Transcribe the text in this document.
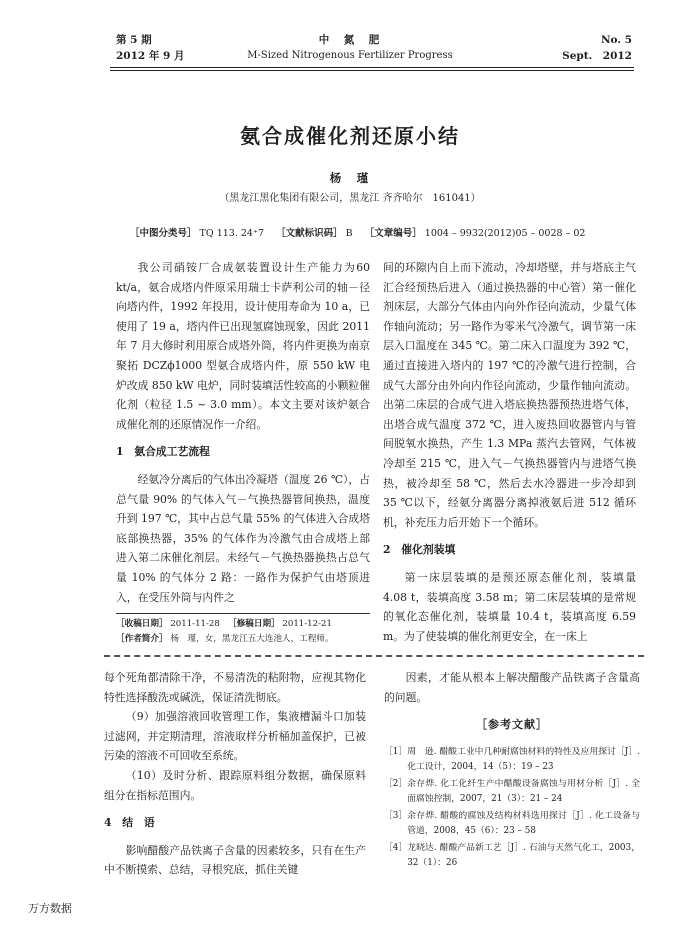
第 5 期
2012 年 9 月
中　氮　肥
M-Sized Nitrogenous Fertilizer Progress
No. 5
Sept.　2012
氨合成催化剂还原小结
杨　瑾
（黑龙江黑化集团有限公司，黑龙江 齐齐哈尔　161041）
［中图分类号］ TQ 113. 24⁺7 ［文献标识码］ B ［文章编号］ 1004 – 9932(2012)05 – 0028 – 02

我公司硝铵厂合成氨装置设计生产能力为60 kt/a，氨合成塔内件原采用瑞士卡萨利公司的轴－径向塔内件，1992 年投用，设计使用寿命为 10 a，已使用了 19 a，塔内件已出现氢腐蚀现象，因此 2011 年 7 月大修时利用原合成塔外筒，将内件更换为南京聚拓 DCZϕ1000 型氨合成塔内件，原 550 kW 电炉改成 850 kW 电炉，同时装填活性较高的小颗粒催化剂（粒径 1.5 ~ 3.0 mm）。本文主要对该炉氨合成催化剂的还原情况作一介绍。

1　氨合成工艺流程

经氨冷分离后的气体出冷凝塔（温度 26 ℃），占总气量 90% 的气体入气－气换热器管间换热，温度升到 197 ℃，其中占总气量 55% 的气体进入合成塔底部换热器，35% 的气体作为冷激气由合成塔上部进入第二床催化剂层。未经气－气换热器换热占总气量 10% 的气体分 2 路：一路作为保护气由塔顶进入，在受压外筒与内件之

［收稿日期］ 2011-11-28 ［修稿日期］ 2011-12-21
［作者简介］ 杨　瑾，女，黑龙江五大连池人，工程师。

间的环隙内自上而下流动，冷却塔壁，并与塔底主气汇合经预热后进入（通过换热器的中心管）第一催化剂床层，大部分气体由内向外作径向流动，少量气体作轴向流动；另一路作为零米气冷激气，调节第一床层入口温度在 345 ℃。第二床入口温度为 392 ℃，通过直接进入塔内的 197 ℃的冷激气进行控制，合成气大部分由外向内作径向流动，少量作轴向流动。出第二床层的合成气进入塔底换热器预热进塔气体，出塔合成气温度 372 ℃，进入废热回收器管内与管间脱氧水换热，产生 1.3 MPa 蒸汽去管网，气体被冷却至 215 ℃，进入气－气换热器管内与进塔气换热，被冷却至 58 ℃，然后去水冷器进一步冷却到 35 ℃以下，经氨分离器分离掉液氨后进 512 循环机，补充压力后开始下一个循环。

2　催化剂装填

第一床层装填的是预还原态催化剂，装填量 4.08 t，装填高度 3.58 m；第二床层装填的是常规的氧化态催化剂，装填量 10.4 t，装填高度 6.59 m。为了使装填的催化剂更安全，在一床上

每个死角都清除干净，不易清洗的粘附物，应视其物化特性选择酸洗或碱洗，保证清洗彻底。

（9）加强溶液回收管理工作，集液槽漏斗口加装过滤网，并定期清理，溶液取样分析桶加盖保护，已被污染的溶液不可回收至系统。

（10）及时分析、跟踪原料组分数据，确保原料组分在指标范围内。

4　结　语

影响醋酸产品铁离子含量的因素较多，只有在生产中不断摸索、总结，寻根究底，抓住关键

因素，才能从根本上解决醋酸产品铁离子含量高的问题。

［参考文献］
［1］ 周　逊. 醋酸工业中几种耐腐蚀材料的特性及应用探讨［J］. 化工设计，2004，14（5）：19 – 23
［2］ 余存烨. 化工化纤生产中醋酸设备腐蚀与用材分析［J］. 全面腐蚀控制，2007，21（3）：21 – 24
［3］ 余存烨. 醋酸的腐蚀及结构材料选用探讨［J］. 化工设备与管道，2008，45（6）：23 – 58
［4］ 龙晓达. 醋酸产品新工艺［J］. 石油与天然气化工，2003，32（1）：26
万方数据
